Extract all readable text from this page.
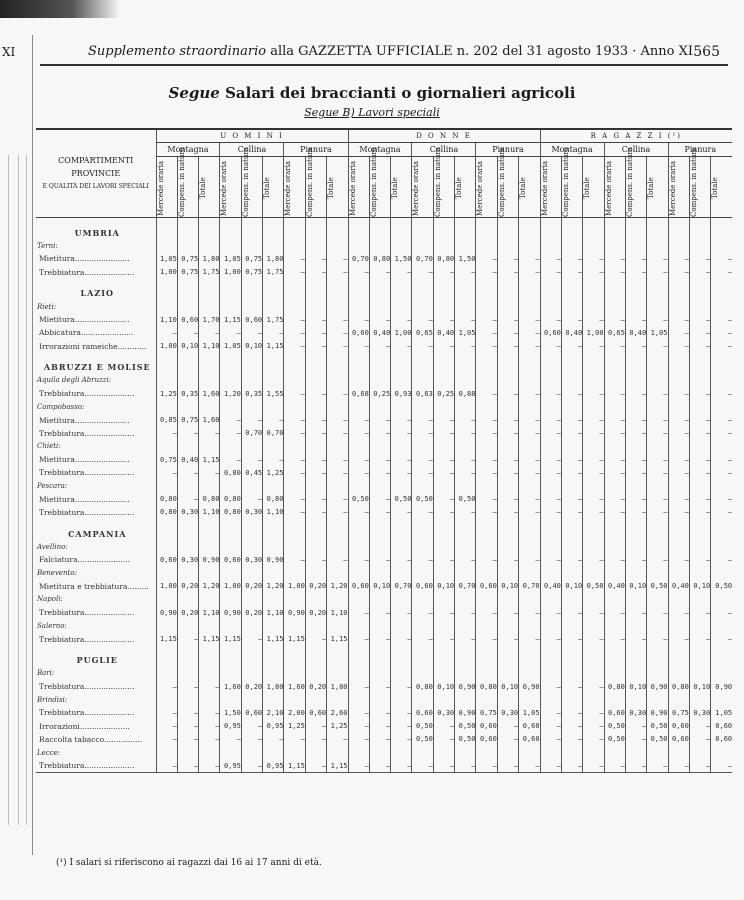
XI	Supplemento straordinario alla GAZZETTA UFFICIALE n. 202 del 31 agosto 1933 · Anno XI 565
Segue Salari dei braccianti o giornalieri agricoli
Segue B) Lavori speciali
COMPARTIMENTI
PROVINCIE
E QUALITÀ DEI LAVORI SPECIALI	U O M I N I									D O N N E									R A G A Z Z I (¹)								
	Montagna			Collina			Pianura			Montagna			Collina			Pianura			Montagna			Collina			Pianura		

	Mercede oraria	Compens. in natura	Totale	Mercede oraria	Compens. in natura	Totale	Mercede oraria	Compens. in natura	Totale	Mercede oraria	Compens. in natura	Totale	Mercede oraria	Compens. in natura	Totale	Mercede oraria	Compens. in natura	Totale	Mercede oraria	Compens. in natura	Totale	Mercede oraria	Compens. in natura	Totale	Mercede oraria	Compens. in natura	Totale

UMBRIA																											
Terni:																											
Mietitura.......................	1,05	0,75	1,80	1,05	0,75	1,80	–	–	–	0,70	0,80	1,50	0,70	0,80	1,50	–	–	–	–	–	–	–	–	–	–	–	–
Trebbiatura.....................	1,00	0,75	1,75	1,00	0,75	1,75	–	–	–	–	–	–	–	–	–	–	–	–	–	–	–	–	–	–	–	–	–

LAZIO																											
Rieti:																											
Mietitura.......................	1,10	0,60	1,70	1,15	0,60	1,75	–	–	–	–	–	–	–	–	–	–	–	–	–	–	–	–	–	–	–	–	–
Abbicatura......................	–	–	–	–	–	–	–	–	–	0,60	0,40	1,00	0,65	0,40	1,05	–	–	–	0,60	0,40	1,00	0,65	0,40	1,05	–	–	–
Irrorazioni rameiche............	1,00	0,10	1,10	1,05	0,10	1,15	–	–	–	–	–	–	–	–	–	–	–	–	–	–	–	–	–	–	–	–	–

ABRUZZI E MOLISE																											
Aquila degli Abruzzi:																											
Trebbiatura.....................	1,25	0,35	1,60	1,20	0,35	1,55	–	–	–	0,68	0,25	0,93	0,63	0,25	0,88	–	–	–	–	–	–	–	–	–	–	–	–
Campobasso:																											
Mietitura.......................	0,85	0,75	1,60	–	–	–	–	–	–	–	–	–	–	–	–	–	–	–	–	–	–	–	–	–	–	–	–
Trebbiatura.....................	–	–	–	–	0,70	0,70	–	–	–	–	–	–	–	–	–	–	–	–	–	–	–	–	–	–	–	–	–
Chieti:																											
Mietitura.......................	0,75	0,40	1,15	–	–	–	–	–	–	–	–	–	–	–	–	–	–	–	–	–	–	–	–	–	–	–	–
Trebbiatura.....................	–	–	–	0,80	0,45	1,25	–	–	–	–	–	–	–	–	–	–	–	–	–	–	–	–	–	–	–	–	–
Pescara:																											
Mietitura.......................	0,80	–	0,80	0,80	–	0,80	–	–	–	0,50	–	0,50	0,50	–	0,50	–	–	–	–	–	–	–	–	–	–	–	–
Trebbiatura.....................	0,80	0,30	1,10	0,80	0,30	1,10	–	–	–	–	–	–	–	–	–	–	–	–	–	–	–	–	–	–	–	–	–

CAMPANIA																											
Avellino:																											
Falciatura......................	0,60	0,30	0,90	0,60	0,30	0,90	–	–	–	–	–	–	–	–	–	–	–	–	–	–	–	–	–	–	–	–	–
Benevento:																											
Mietitura e trebbiatura.........	1,00	0,20	1,20	1,00	0,20	1,20	1,00	0,20	1,20	0,60	0,10	0,70	0,60	0,10	0,70	0,60	0,10	0,70	0,40	0,10	0,50	0,40	0,10	0,50	0,40	0,10	0,50
Napoli:																											
Trebbiatura.....................	0,90	0,20	1,10	0,90	0,20	1,10	0,90	0,20	1,10	–	–	–	–	–	–	–	–	–	–	–	–	–	–	–	–	–	–
Salerno:																											
Trebbiatura.....................	1,15	–	1,15	1,15	–	1,15	1,15	–	1,15	–	–	–	–	–	–	–	–	–	–	–	–	–	–	–	–	–	–

PUGLIE																											
Bari:																											
Trebbiatura.....................	–	–	–	1,60	0,20	1,80	1,60	0,20	1,80	–	–	–	0,80	0,10	0,90	0,80	0,10	0,90	–	–	–	0,80	0,10	0,90	0,80	0,10	0,90
Brindisi:																											
Trebbiatura.....................	–	–	–	1,50	0,60	2,10	2,00	0,60	2,60	–	–	–	0,60	0,30	0,90	0,75	0,30	1,05	–	–	–	0,60	0,30	0,90	0,75	0,30	1,05
Irrorazioni.....................	–	–	–	0,95	–	0,95	1,25	–	1,25	–	–	–	0,50	–	0,50	0,60	–	0,60	–	–	–	0,50	–	0,50	0,60	–	0,60
Raccolta tabacco................	–	–	–	–	–	–	–	–	–	–	–	–	0,50	–	0,50	0,60	–	0,60	–	–	–	0,50	–	0,50	0,60	–	0,60
Lecce:																											
Trebbiatura.....................	–	–	–	0,95	–	0,95	1,15	–	1,15	–	–	–	–	–	–	–	–	–	–	–	–	–	–	–	–	–	–
(¹) I salari si riferiscono ai ragazzi dai 16 ai 17 anni di età.
